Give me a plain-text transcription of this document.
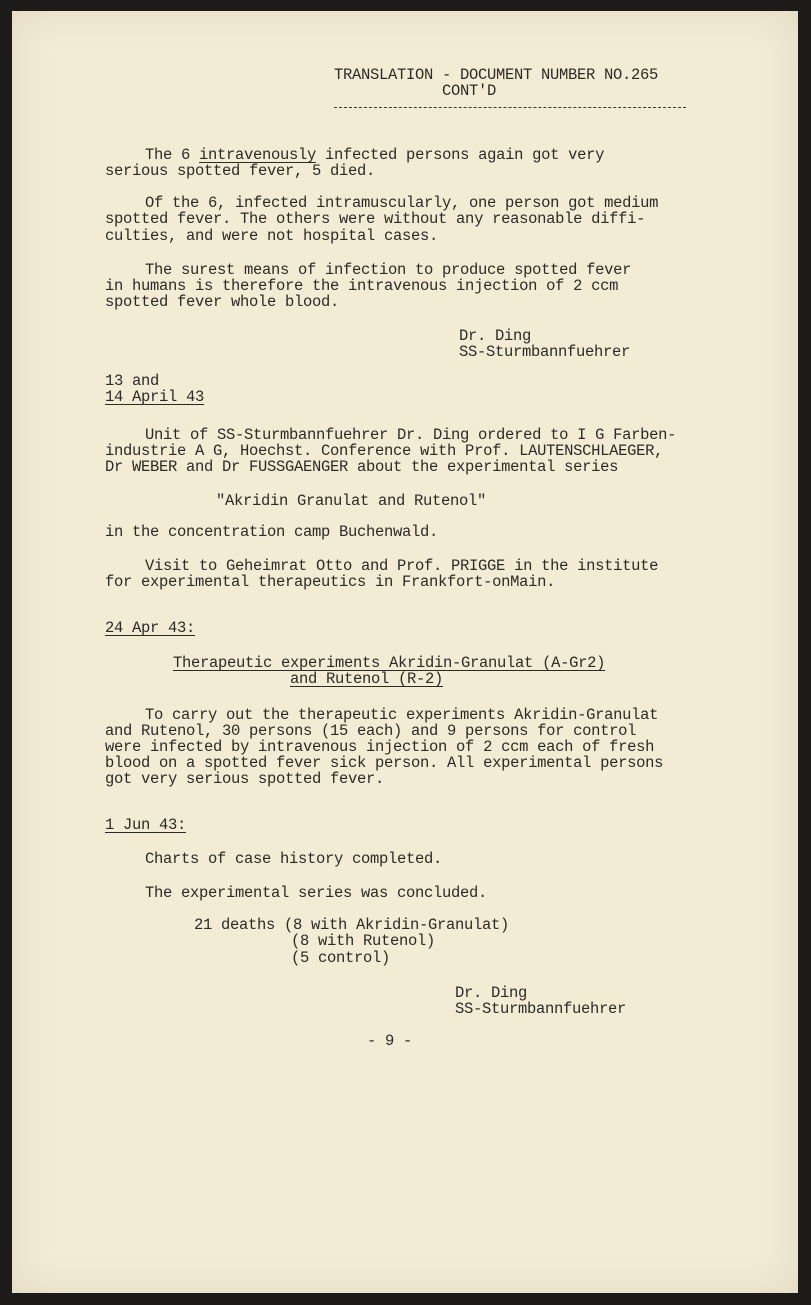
TRANSLATION - DOCUMENT NUMBER NO.265

CONT'D

The 6 intravenously infected persons again got very

serious spotted fever, 5 died.

Of the 6, infected intramuscularly, one person got medium

spotted fever. The others were without any reasonable diffi-

culties, and were not hospital cases.

The surest means of infection to produce spotted fever

in humans is therefore the intravenous injection of 2 ccm

spotted fever whole blood.

Dr. Ding

SS-Sturmbannfuehrer

13 and

14 April 43

Unit of SS-Sturmbannfuehrer Dr. Ding ordered to I G Farben-

industrie A G, Hoechst. Conference with Prof. LAUTENSCHLAEGER,

Dr WEBER and Dr FUSSGAENGER about the experimental series

"Akridin Granulat and Rutenol"

in the concentration camp Buchenwald.

Visit to Geheimrat Otto and Prof. PRIGGE in the institute

for experimental therapeutics in Frankfort-onMain.

24 Apr 43:

Therapeutic experiments Akridin-Granulat (A-Gr2)

and Rutenol (R-2)

To carry out the therapeutic experiments Akridin-Granulat

and Rutenol, 30 persons (15 each) and 9 persons for control

were infected by intravenous injection of 2 ccm each of fresh

blood on a spotted fever sick person. All experimental persons

got very serious spotted fever.

1 Jun 43:

Charts of case history completed.

The experimental series was concluded.

21 deaths (8 with Akridin-Granulat)

(8 with Rutenol)

(5 control)

Dr. Ding

SS-Sturmbannfuehrer

- 9 -
